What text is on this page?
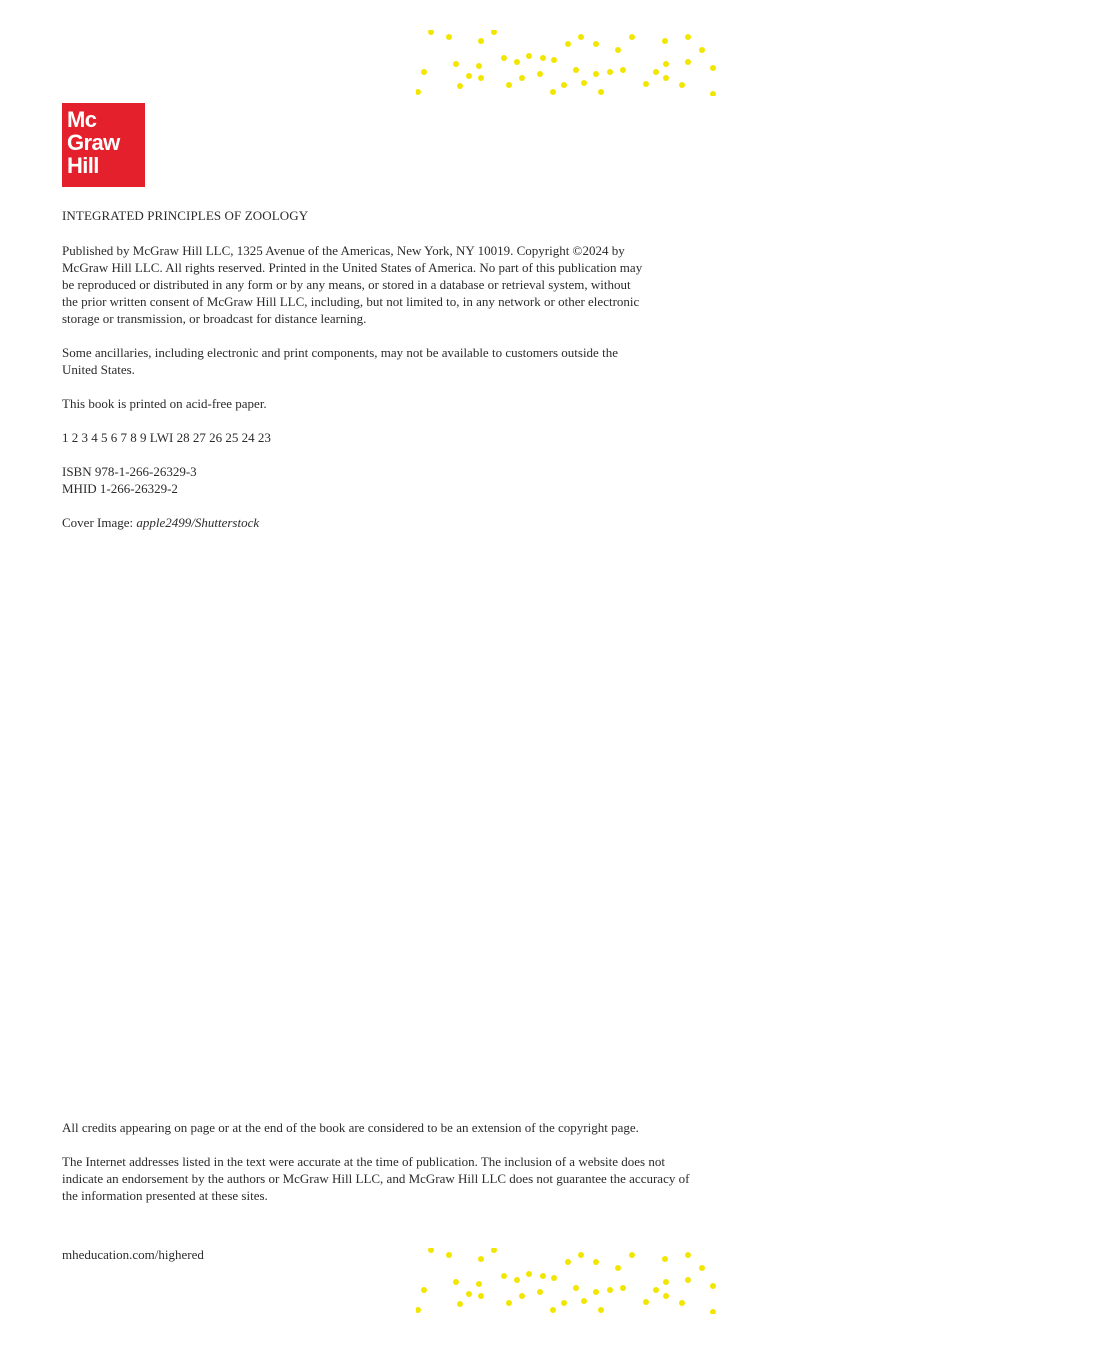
Mc
Graw
Hill

INTEGRATED PRINCIPLES OF ZOOLOGY

Published by McGraw Hill LLC, 1325 Avenue of the Americas, New York, NY 10019. Copyright ©2024 by
McGraw Hill LLC. All rights reserved. Printed in the United States of America. No part of this publication may
be reproduced or distributed in any form or by any means, or stored in a database or retrieval system, without
the prior written consent of McGraw Hill LLC, including, but not limited to, in any network or other electronic
storage or transmission, or broadcast for distance learning.

Some ancillaries, including electronic and print components, may not be available to customers outside the
United States.

This book is printed on acid-free paper.

1 2 3 4 5 6 7 8 9 LWI 28 27 26 25 24 23

ISBN 978-1-266-26329-3
MHID 1-266-26329-2

Cover Image: apple2499/Shutterstock

All credits appearing on page or at the end of the book are considered to be an extension of the copyright page.

The Internet addresses listed in the text were accurate at the time of publication. The inclusion of a website does not indicate an endorsement by the authors or McGraw Hill LLC, and McGraw Hill LLC does not guarantee the accuracy of the information presented at these sites.

mheducation.com/highered
